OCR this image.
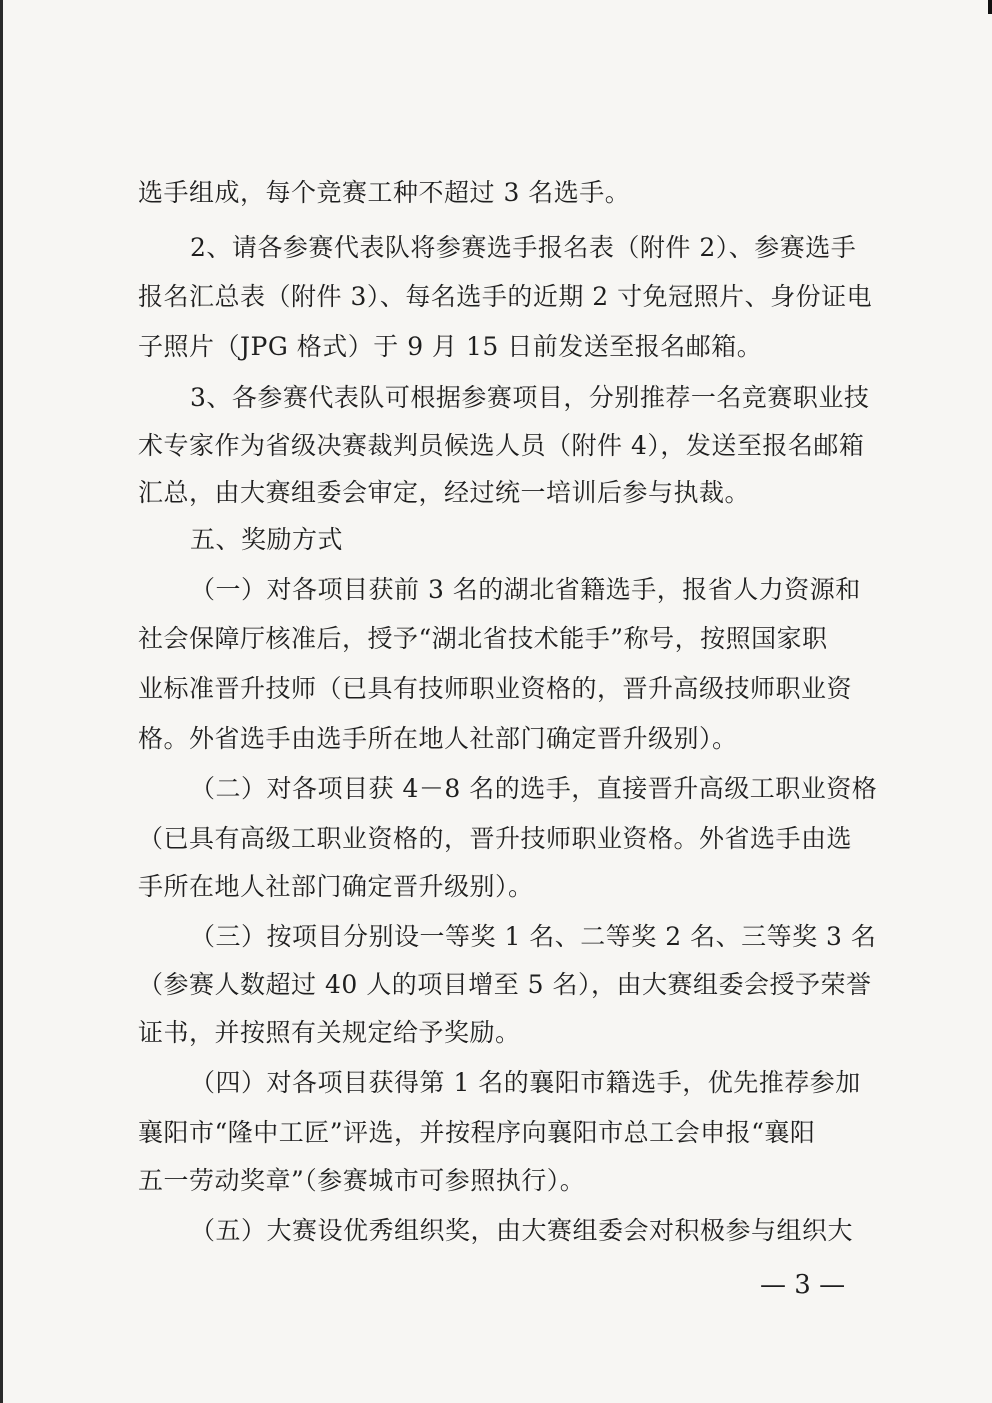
选手组成，每个竞赛工种不超过 3 名选手。
2、请各参赛代表队将参赛选手报名表（附件 2）、参赛选手
报名汇总表（附件 3）、每名选手的近期 2 寸免冠照片、身份证电
子照片（JPG 格式）于 9 月 15 日前发送至报名邮箱。
3、各参赛代表队可根据参赛项目，分别推荐一名竞赛职业技
术专家作为省级决赛裁判员候选人员（附件 4），发送至报名邮箱
汇总，由大赛组委会审定，经过统一培训后参与执裁。
五、奖励方式
（一）对各项目获前 3 名的湖北省籍选手，报省人力资源和
社会保障厅核准后，授予“湖北省技术能手”称号，按照国家职
业标准晋升技师（已具有技师职业资格的，晋升高级技师职业资
格。外省选手由选手所在地人社部门确定晋升级别）。
（二）对各项目获 4－8 名的选手，直接晋升高级工职业资格
（已具有高级工职业资格的，晋升技师职业资格。外省选手由选
手所在地人社部门确定晋升级别）。
（三）按项目分别设一等奖 1 名、二等奖 2 名、三等奖 3 名
（参赛人数超过 40 人的项目增至 5 名），由大赛组委会授予荣誉
证书，并按照有关规定给予奖励。
（四）对各项目获得第 1 名的襄阳市籍选手，优先推荐参加
襄阳市“隆中工匠”评选，并按程序向襄阳市总工会申报“襄阳
五一劳动奖章”（参赛城市可参照执行）。
（五）大赛设优秀组织奖，由大赛组委会对积极参与组织大
— 3 —
